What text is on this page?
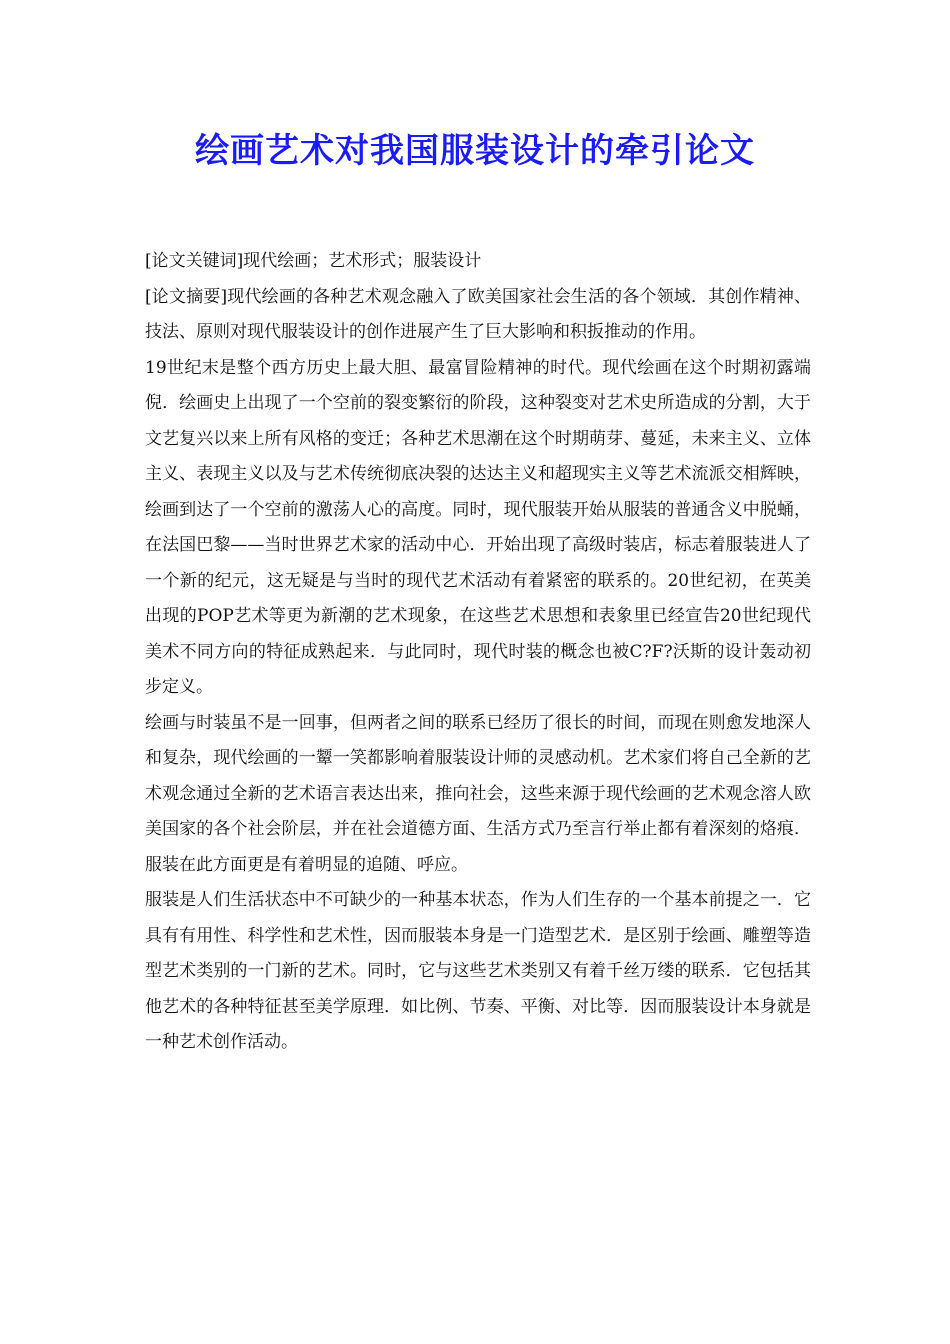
绘画艺术对我国服装设计的牵引论文

[论文关键词]现代绘画；艺术形式；服装设计

[论文摘要]现代绘画的各种艺术观念融入了欧美国家社会生活的各个领域．其创作精神、技法、原则对现代服装设计的创作进展产生了巨大影响和积扳推动的作用。

19世纪末是整个西方历史上最大胆、最富冒险精神的时代。现代绘画在这个时期初露端倪．绘画史上出现了一个空前的裂变繁衍的阶段，这种裂变对艺术史所造成的分割，大于文艺复兴以来上所有风格的变迁；各种艺术思潮在这个时期萌芽、蔓延，未来主义、立体主义、表现主义以及与艺术传统彻底决裂的达达主义和超现实主义等艺术流派交相辉映，绘画到达了一个空前的激荡人心的高度。同时，现代服装开始从服装的普通含义中脱蛹，在法国巴黎——当时世界艺术家的活动中心．开始出现了高级时装店，标志着服装进人了一个新的纪元，这无疑是与当时的现代艺术活动有着紧密的联系的。20世纪初，在英美出现的POP艺术等更为新潮的艺术现象，在这些艺术思想和表象里已经宣告20世纪现代美术不同方向的特征成熟起来．与此同时，现代时装的概念也被C?F?沃斯的设计轰动初步定义。

绘画与时装虽不是一回事，但两者之间的联系已经历了很长的时间，而现在则愈发地深人和复杂，现代绘画的一颦一笑都影响着服装设计师的灵感动机。艺术家们将自己全新的艺术观念通过全新的艺术语言表达出来，推向社会，这些来源于现代绘画的艺术观念溶人欧美国家的各个社会阶层，并在社会道德方面、生活方式乃至言行举止都有着深刻的烙痕．服装在此方面更是有着明显的追随、呼应。

服装是人们生活状态中不可缺少的一种基本状态，作为人们生存的一个基本前提之一．它具有有用性、科学性和艺术性，因而服装本身是一门造型艺术．是区别于绘画、雕塑等造型艺术类别的一门新的艺术。同时，它与这些艺术类别又有着千丝万缕的联系．它包括其他艺术的各种特征甚至美学原理．如比例、节奏、平衡、对比等．因而服装设计本身就是一种艺术创作活动。
